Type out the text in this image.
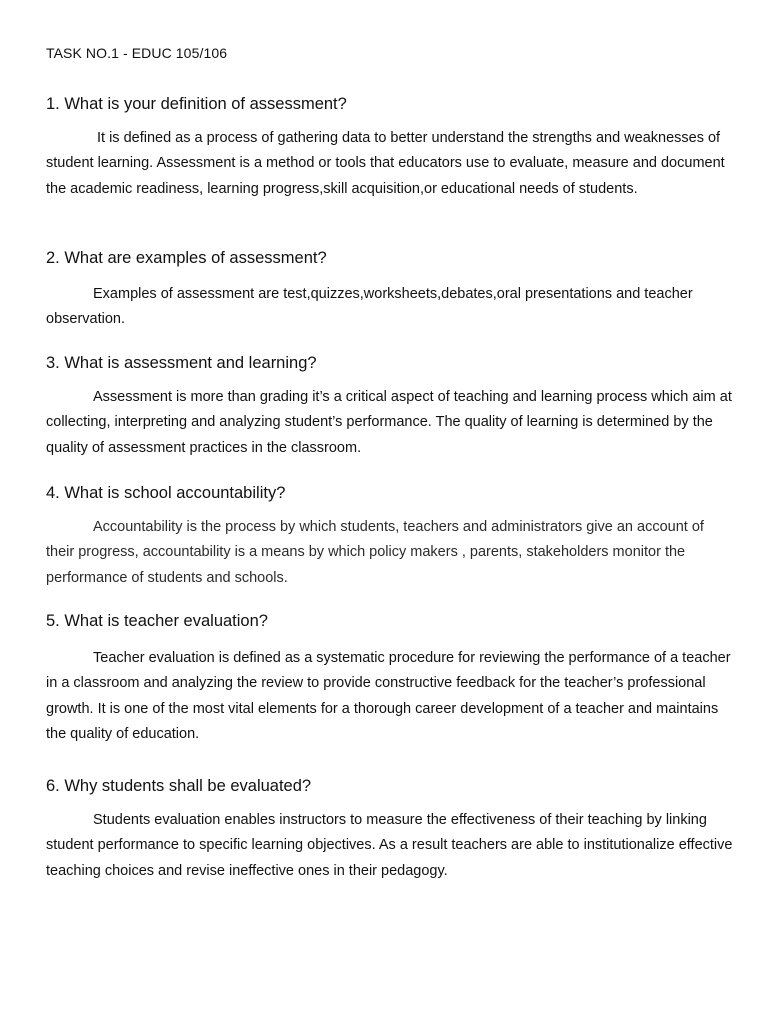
TASK NO.1 - EDUC 105/106
1. What is your definition of assessment?

It is defined as a process of gathering data to better understand the strengths and weaknesses of student learning. Assessment is a method or tools that educators use to evaluate, measure and document the academic readiness, learning progress,skill acquisition,or educational needs of students.

2. What are examples of assessment?

Examples of assessment are test,quizzes,worksheets,debates,oral presentations and teacher observation.

3. What is assessment and learning?

Assessment is more than grading it’s a critical aspect of teaching and learning process which aim at collecting, interpreting and analyzing student’s performance. The quality of learning is determined by the quality of assessment practices in the classroom.

4. What is school accountability?

Accountability is the process by which students, teachers and administrators give an account of their progress, accountability is a means by which policy makers , parents, stakeholders monitor the performance of students and schools.

5. What is teacher evaluation?

Teacher evaluation is defined as a systematic procedure for reviewing the performance of a teacher in a classroom and analyzing the review to provide constructive feedback for the teacher’s professional growth. It is one of the most vital elements for a thorough career development of a teacher and maintains the quality of education.

6. Why students shall be evaluated?

Students evaluation enables instructors to measure the effectiveness of their teaching by linking student performance to specific learning objectives. As a result teachers are able to institutionalize effective teaching choices and revise ineffective ones in their pedagogy.
